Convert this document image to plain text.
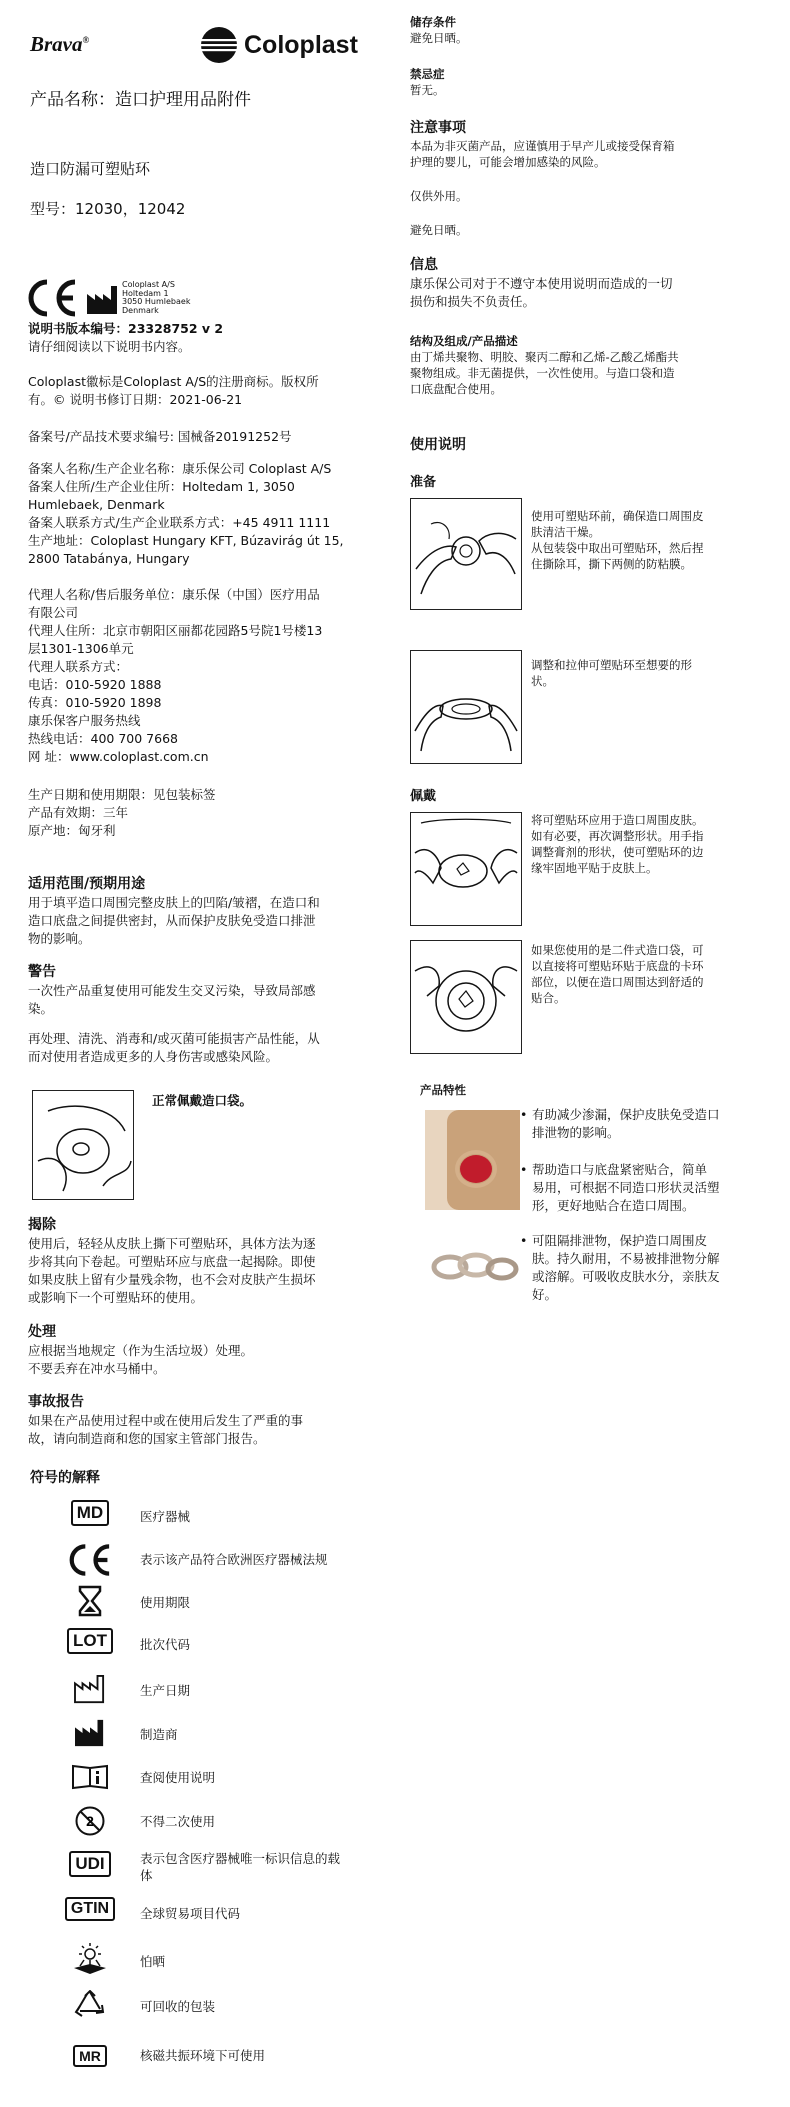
Brava®	Coloplast
产品名称：造口护理用品附件
造口防漏可塑贴环
型号：12030，12042
Coloplast A/S
Holtedam 1
3050 Humlebaek
Denmark
说明书版本编号：23328752 v 2
请仔细阅读以下说明书内容。
Coloplast徽标是Coloplast A/S的注册商标。版权所
有。© 说明书修订日期：2021-06-21
备案号/产品技术要求编号: 国械备20191252号
备案人名称/生产企业名称：康乐保公司 Coloplast A/S
备案人住所/生产企业住所：Holtedam 1, 3050
Humlebaek, Denmark
备案人联系方式/生产企业联系方式：+45 4911 1111
生产地址：Coloplast Hungary KFT, Búzavirág út 15,
2800 Tatabánya, Hungary
代理人名称/售后服务单位：康乐保（中国）医疗用品
有限公司
代理人住所：北京市朝阳区丽都花园路5号院1号楼13
层1301-1306单元
代理人联系方式：
电话：010-5920 1888
传真：010-5920 1898
康乐保客户服务热线
热线电话：400 700 7668
网 址：www.coloplast.com.cn
生产日期和使用期限：见包装标签
产品有效期：三年
原产地：匈牙利
适用范围/预期用途
用于填平造口周围完整皮肤上的凹陷/皱褶，在造口和
造口底盘之间提供密封，从而保护皮肤免受造口排泄
物的影响。
警告
一次性产品重复使用可能发生交叉污染，导致局部感
染。
再处理、清洗、消毒和/或灭菌可能损害产品性能，从
而对使用者造成更多的人身伤害或感染风险。
正常佩戴造口袋。
揭除
使用后，轻轻从皮肤上撕下可塑贴环，具体方法为逐
步将其向下卷起。可塑贴环应与底盘一起揭除。即使
如果皮肤上留有少量残余物，也不会对皮肤产生损坏
或影响下一个可塑贴环的使用。
处理
应根据当地规定（作为生活垃圾）处理。
不要丢弃在冲水马桶中。
事故报告
如果在产品使用过程中或在使用后发生了严重的事
故，请向制造商和您的国家主管部门报告。
符号的解释
MD	医疗器械
表示该产品符合欧洲医疗器械法规
使用期限
LOT	批次代码
生产日期
制造商
查阅使用说明
2	不得二次使用
UDI	表示包含医疗器械唯一标识信息的载体
GTIN	全球贸易项目代码
怕晒
可回收的包装
MR	核磁共振环境下可使用
储存条件
避免日晒。
禁忌症
暂无。
注意事项
本品为非灭菌产品，应谨慎用于早产儿或接受保育箱
护理的婴儿，可能会增加感染的风险。
仅供外用。
避免日晒。
信息
康乐保公司对于不遵守本使用说明而造成的一切
损伤和损失不负责任。
结构及组成/产品描述
由丁烯共聚物、明胶、聚丙二醇和乙烯-乙酸乙烯酯共
聚物组成。非无菌提供，一次性使用。与造口袋和造
口底盘配合使用。
使用说明
准备
使用可塑贴环前，确保造口周围皮
肤清洁干燥。
从包装袋中取出可塑贴环，然后捏
住撕除耳，撕下两侧的防粘膜。
调整和拉伸可塑贴环至想要的形
状。
佩戴
将可塑贴环应用于造口周围皮肤。
如有必要，再次调整形状。用手指
调整膏剂的形状，使可塑贴环的边
缘牢固地平贴于皮肤上。
如果您使用的是二件式造口袋，可
以直接将可塑贴环贴于底盘的卡环
部位，以便在造口周围达到舒适的
贴合。
产品特性
• 有助减少渗漏，保护皮肤免受造口
排泄物的影响。
• 帮助造口与底盘紧密贴合，简单
易用，可根据不同造口形状灵活塑
形，更好地贴合在造口周围。
• 可阻隔排泄物，保护造口周围皮
肤。持久耐用，不易被排泄物分解
或溶解。可吸收皮肤水分，亲肤友
好。
